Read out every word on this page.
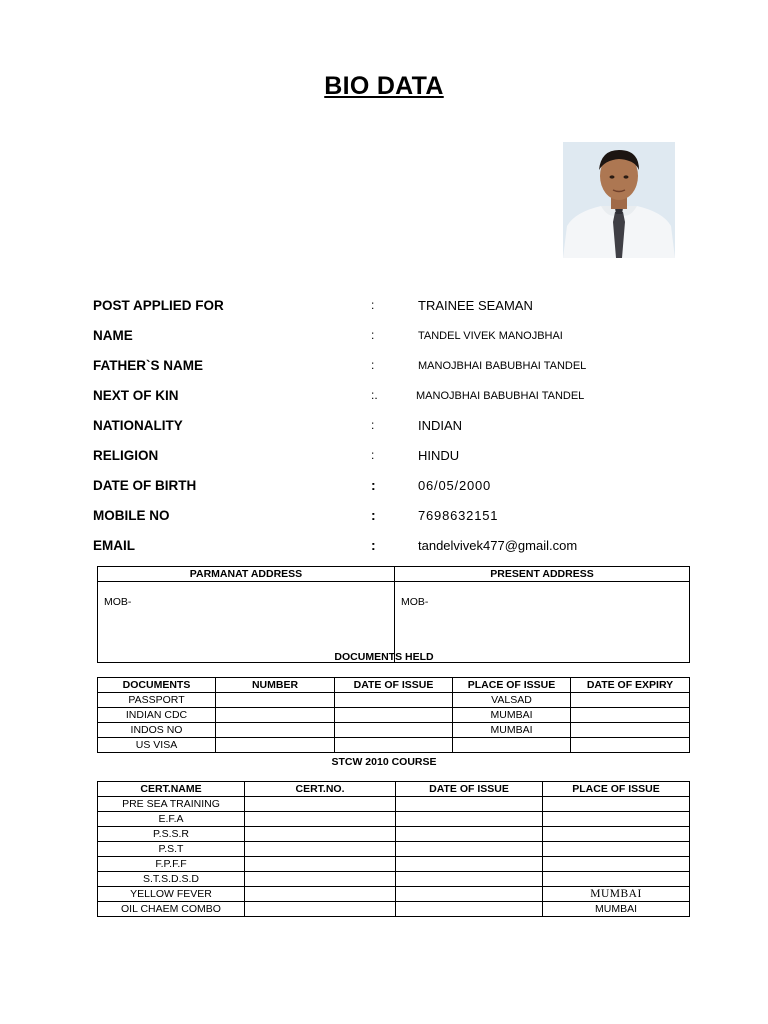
BIO DATA
POST APPLIED FOR	:	TRAINEE SEAMAN
NAME	:	TANDEL VIVEK MANOJBHAI
FATHER`S NAME	:	MANOJBHAI BABUBHAI TANDEL
NEXT OF KIN	:.	MANOJBHAI BABUBHAI TANDEL
NATIONALITY	:	INDIAN
RELIGION	:	HINDU
DATE OF BIRTH	:	06/05/2000
MOBILE NO	:	7698632151
EMAIL	:	tandelvivek477@gmail.com
PARMANAT ADDRESS	PRESENT ADDRESS
MOB-	MOB-
DOCUMENTS HELD
DOCUMENTS	NUMBER	DATE OF ISSUE	PLACE OF ISSUE	DATE OF EXPIRY
PASSPORT			VALSAD	
INDIAN CDC			MUMBAI	
INDOS NO			MUMBAI	
US VISA				
STCW 2010 COURSE
CERT.NAME	CERT.NO.	DATE OF ISSUE	PLACE OF ISSUE
PRE SEA TRAINING			
E.F.A			
P.S.S.R			
P.S.T			
F.P.F.F			
S.T.S.D.S.D			
YELLOW FEVER			MUMBAI
OIL CHAEM COMBO			MUMBAI
